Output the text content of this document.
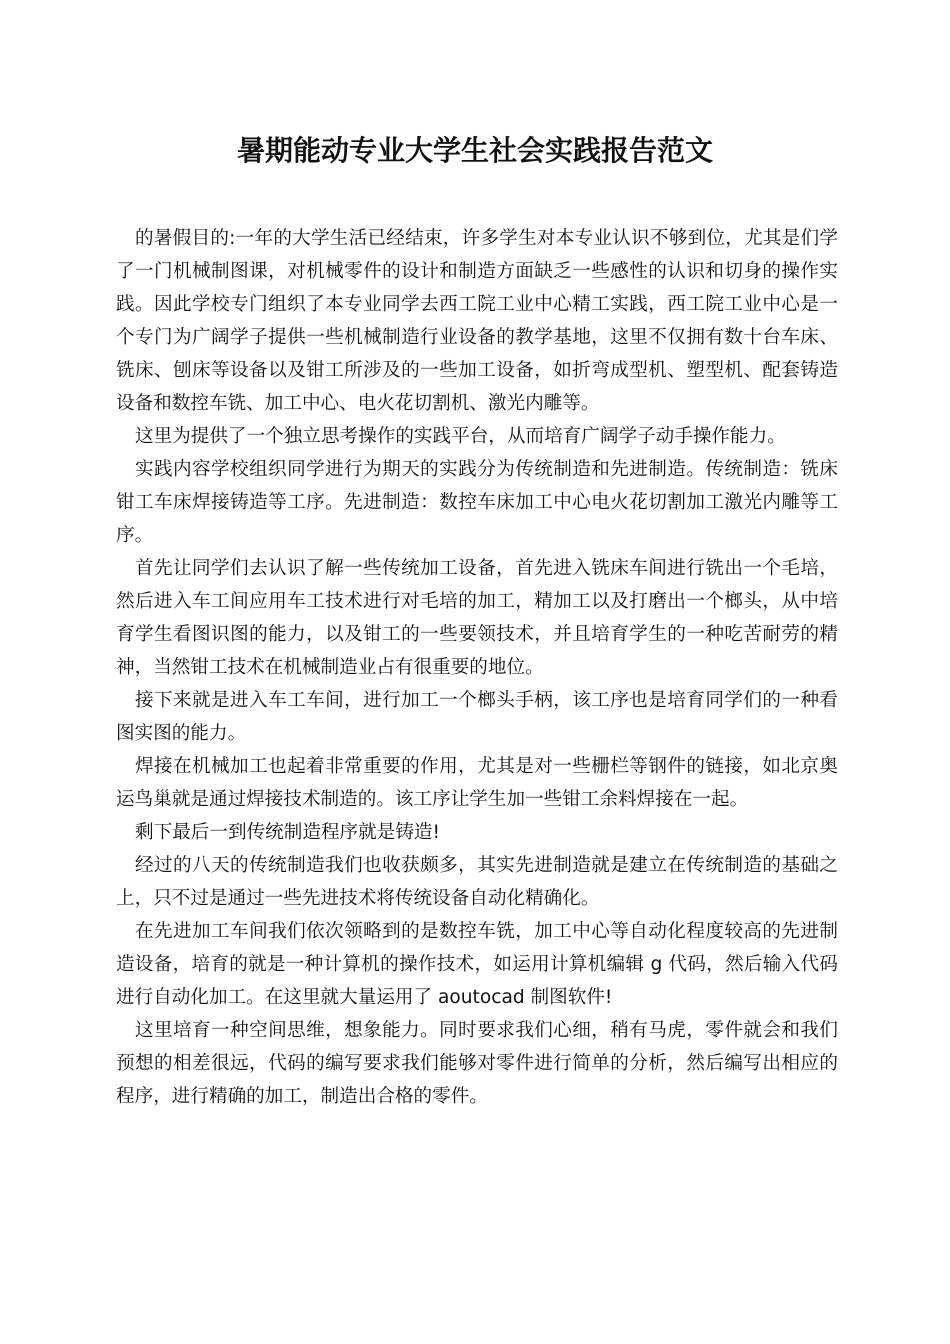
暑期能动专业大学生社会实践报告范文

的暑假目的:一年的大学生活已经结束，许多学生对本专业认识不够到位，尤其是们学了一门机械制图课，对机械零件的设计和制造方面缺乏一些感性的认识和切身的操作实践。因此学校专门组织了本专业同学去西工院工业中心精工实践，西工院工业中心是一个专门为广阔学子提供一些机械制造行业设备的教学基地，这里不仅拥有数十台车床、铣床、刨床等设备以及钳工所涉及的一些加工设备，如折弯成型机、塑型机、配套铸造设备和数控车铣、加工中心、电火花切割机、激光内雕等。

这里为提供了一个独立思考操作的实践平台，从而培育广阔学子动手操作能力。

实践内容学校组织同学进行为期天的实践分为传统制造和先进制造。传统制造：铣床钳工车床焊接铸造等工序。先进制造：数控车床加工中心电火花切割加工激光内雕等工序。

首先让同学们去认识了解一些传统加工设备，首先进入铣床车间进行铣出一个毛培，然后进入车工间应用车工技术进行对毛培的加工，精加工以及打磨出一个榔头，从中培育学生看图识图的能力，以及钳工的一些要领技术，并且培育学生的一种吃苦耐劳的精神，当然钳工技术在机械制造业占有很重要的地位。

接下来就是进入车工车间，进行加工一个榔头手柄，该工序也是培育同学们的一种看图实图的能力。

焊接在机械加工也起着非常重要的作用，尤其是对一些栅栏等钢件的链接，如北京奥运鸟巢就是通过焊接技术制造的。该工序让学生加一些钳工余料焊接在一起。

剩下最后一到传统制造程序就是铸造!

经过的八天的传统制造我们也收获颇多，其实先进制造就是建立在传统制造的基础之上，只不过是通过一些先进技术将传统设备自动化精确化。

在先进加工车间我们依次领略到的是数控车铣，加工中心等自动化程度较高的先进制造设备，培育的就是一种计算机的操作技术，如运用计算机编辑 g 代码，然后输入代码进行自动化加工。在这里就大量运用了 aoutocad 制图软件!

这里培育一种空间思维，想象能力。同时要求我们心细，稍有马虎，零件就会和我们预想的相差很远，代码的编写要求我们能够对零件进行简单的分析，然后编写出相应的程序，进行精确的加工，制造出合格的零件。
